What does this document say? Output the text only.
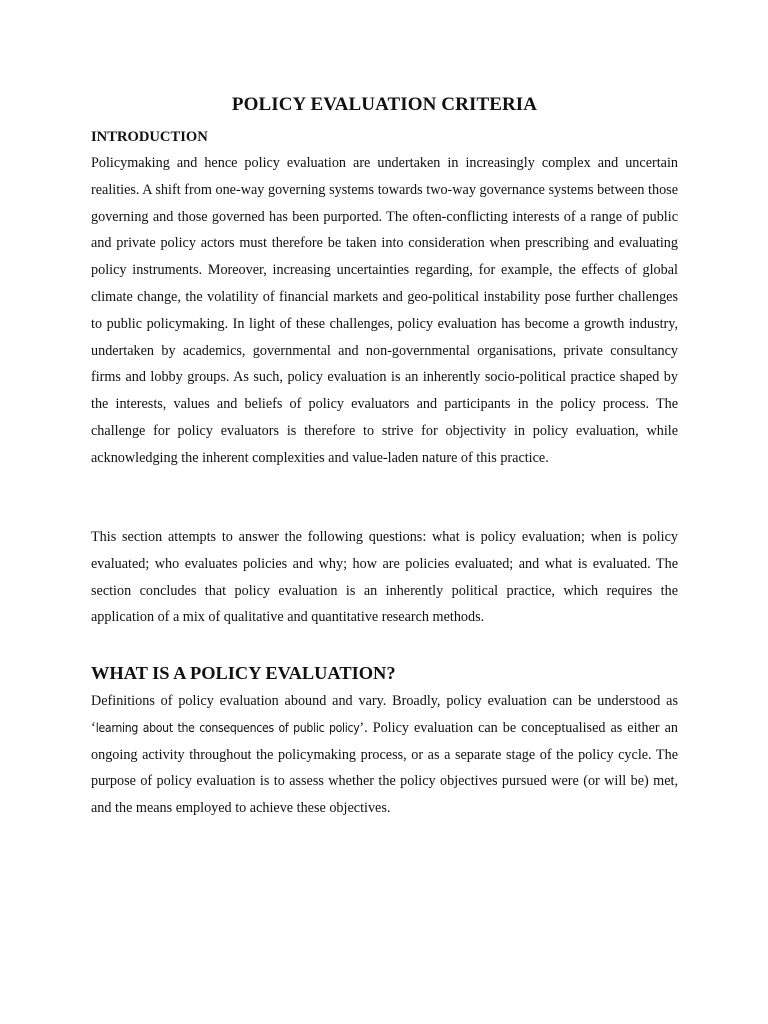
POLICY EVALUATION CRITERIA
INTRODUCTION

Policymaking and hence policy evaluation are undertaken in increasingly complex and uncertain realities. A shift from one-way governing systems towards two-way governance systems between those governing and those governed has been purported. The often-conflicting interests of a range of public and private policy actors must therefore be taken into consideration when prescribing and evaluating policy instruments. Moreover, increasing uncertainties regarding, for example, the effects of global climate change, the volatility of financial markets and geo-political instability pose further challenges to public policymaking. In light of these challenges, policy evaluation has become a growth industry, undertaken by academics, governmental and non-governmental organisations, private consultancy firms and lobby groups. As such, policy evaluation is an inherently socio-political practice shaped by the interests, values and beliefs of policy evaluators and participants in the policy process. The challenge for policy evaluators is therefore to strive for objectivity in policy evaluation, while acknowledging the inherent complexities and value-laden nature of this practice.

This section attempts to answer the following questions: what is policy evaluation; when is policy evaluated; who evaluates policies and why; how are policies evaluated; and what is evaluated. The section concludes that policy evaluation is an inherently political practice, which requires the application of a mix of qualitative and quantitative research methods.

WHAT IS A POLICY EVALUATION?

Definitions of policy evaluation abound and vary. Broadly, policy evaluation can be understood as ‘learning about the consequences of public policy’. Policy evaluation can be conceptualised as either an ongoing activity throughout the policymaking process, or as a separate stage of the policy cycle. The purpose of policy evaluation is to assess whether the policy objectives pursued were (or will be) met, and the means employed to achieve these objectives.
